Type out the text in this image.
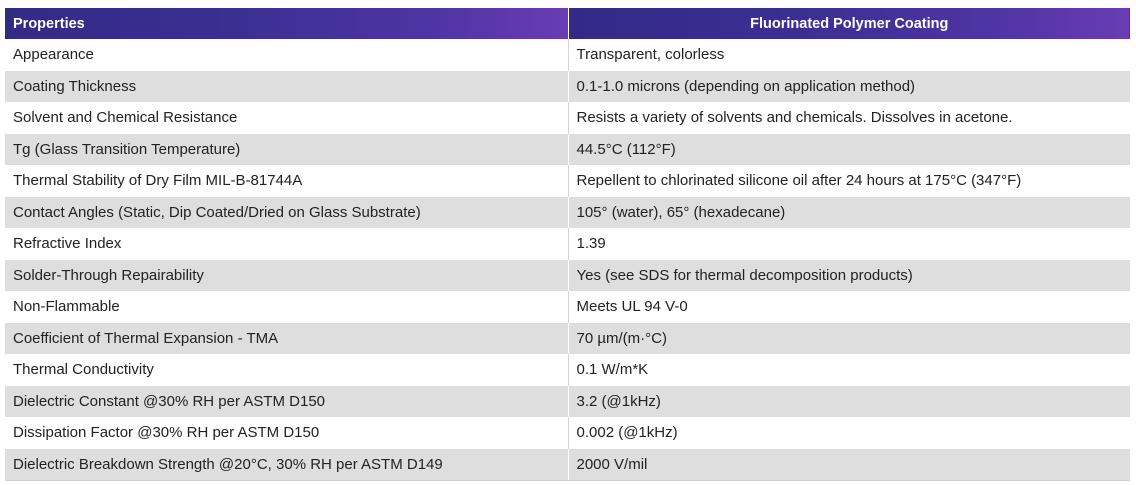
Properties	Fluorinated Polymer Coating
Appearance	Transparent, colorless
Coating Thickness	0.1-1.0 microns (depending on application method)
Solvent and Chemical Resistance	Resists a variety of solvents and chemicals. Dissolves in acetone.
Tg (Glass Transition Temperature)	44.5°C (112°F)
Thermal Stability of Dry Film MIL-B-81744A	Repellent to chlorinated silicone oil after 24 hours at 175°C (347°F)
Contact Angles (Static, Dip Coated/Dried on Glass Substrate)	105° (water), 65° (hexadecane)
Refractive Index	1.39
Solder-Through Repairability	Yes (see SDS for thermal decomposition products)
Non-Flammable	Meets UL 94 V-0
Coefficient of Thermal Expansion - TMA	70 µm/(m·°C)
Thermal Conductivity	0.1 W/m*K
Dielectric Constant @30% RH per ASTM D150	3.2 (@1kHz)
Dissipation Factor @30% RH per ASTM D150	0.002 (@1kHz)
Dielectric Breakdown Strength @20°C, 30% RH per ASTM D149	2000 V/mil
